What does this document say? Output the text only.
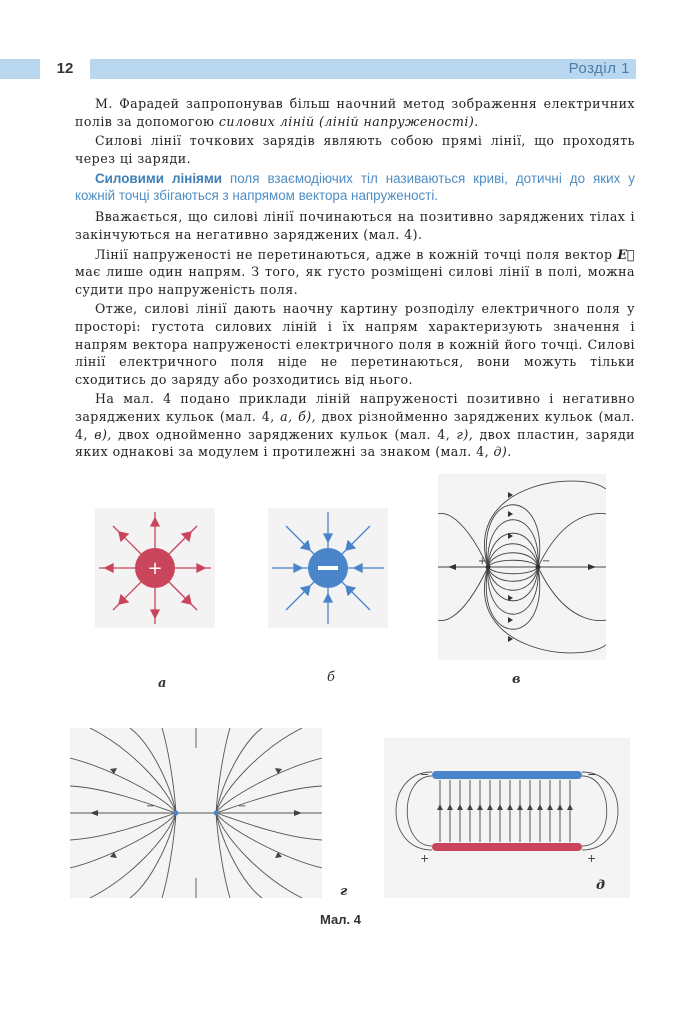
12	Розділ 1

М. Фарадей запропонував більш наочний метод зображення електричних полів за допомогою силових ліній (ліній напруженості).

Силові лінії точкових зарядів являють собою прямі лінії, що проходять через ці заряди.

Силовими лініями поля взаємодіючих тіл називаються криві, дотичні до яких у кожній точці збігаються з напрямом вектора напруженості.

Вважається, що силові лінії починаються на позитивно заряджених тілах і закінчуються на негативно заряджених (мал. 4).

Лінії напруженості не перетинаються, адже в кожній точці поля вектор E⃗ має лише один напрям. З того, як густо розміщені силові лінії в полі, можна судити про напруженість поля.

Отже, силові лінії дають наочну картину розподілу електричного поля у просторі: густота силових ліній і їх напрям характеризують значення і напрям вектора напруженості електричного поля в кожній його точці. Силові лінії електричного поля ніде не перетинаються, вони можуть тільки сходитись до заряду або розходитись від нього.

На мал. 4 подано приклади ліній напруженості позитивно і негативно заряджених кульок (мал. 4, а, б), двох різнойменно заряджених кульок (мал. 4, в), двох однойменно заряджених кульок (мал. 4, г), двох пластин, заряди яких однакові за модулем і протилежні за знаком (мал. 4, д).

+	+	−
а	б	в
−	−
−	−
+	+
г	д
Мал. 4
